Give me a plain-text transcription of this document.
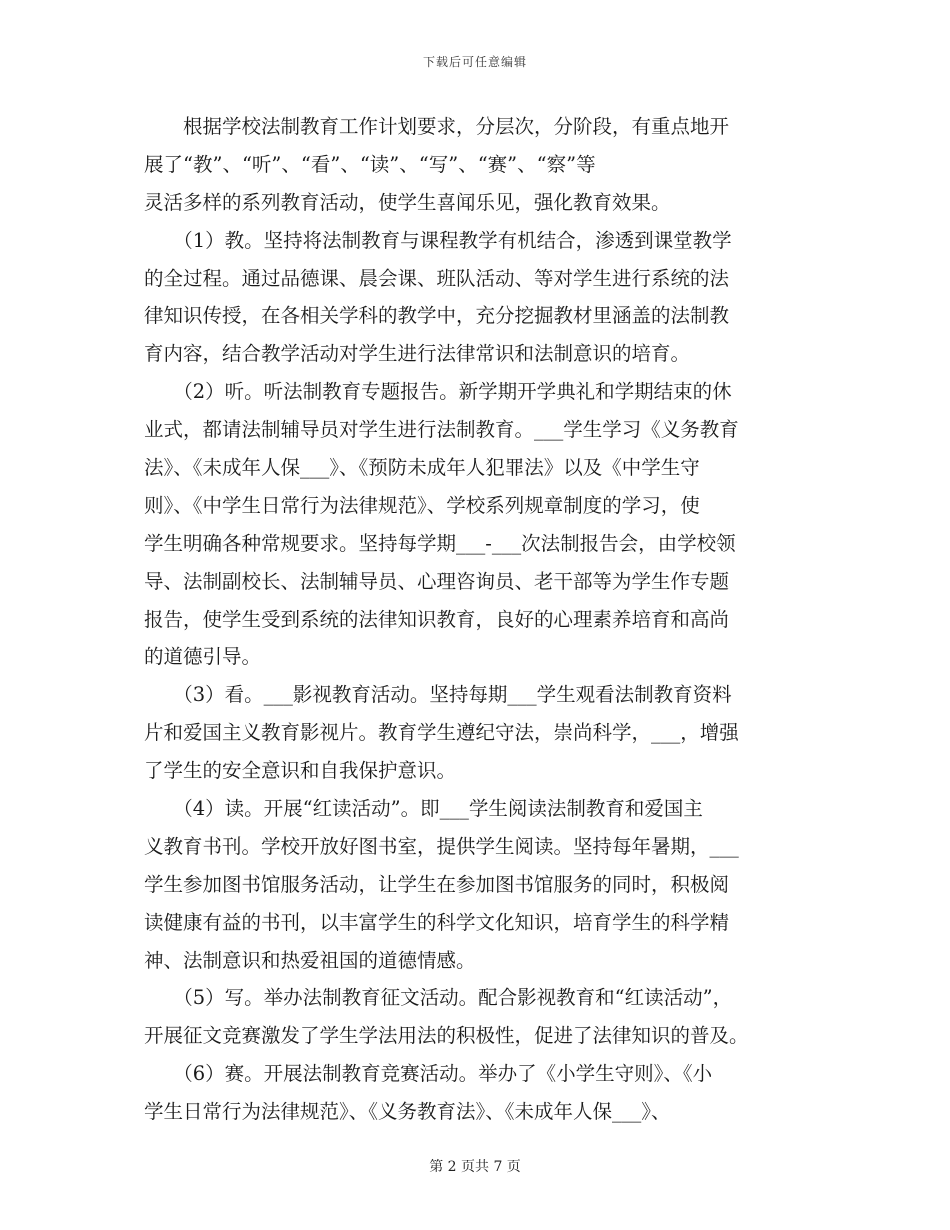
下载后可任意编辑
　　根据学校法制教育工作计划要求，分层次，分阶段，有重点地开
展了“教”、“听”、“看”、“读”、“写”、“赛”、“察”等
灵活多样的系列教育活动，使学生喜闻乐见，强化教育效果。
　　（1）教。坚持将法制教育与课程教学有机结合，渗透到课堂教学
的全过程。通过品德课、晨会课、班队活动、等对学生进行系统的法
律知识传授，在各相关学科的教学中，充分挖掘教材里涵盖的法制教
育内容，结合教学活动对学生进行法律常识和法制意识的培育。
　　（2）听。听法制教育专题报告。新学期开学典礼和学期结束的休
业式，都请法制辅导员对学生进行法制教育。___学生学习《义务教育
法》、《未成年人保___》、《预防未成年人犯罪法》以及《中学生守
则》、《中学生日常行为法律规范》、学校系列规章制度的学习，使
学生明确各种常规要求。坚持每学期___-___次法制报告会，由学校领
导、法制副校长、法制辅导员、心理咨询员、老干部等为学生作专题
报告，使学生受到系统的法律知识教育，良好的心理素养培育和高尚
的道德引导。
　　（3）看。___影视教育活动。坚持每期___学生观看法制教育资料
片和爱国主义教育影视片。教育学生遵纪守法，崇尚科学，___，增强
了学生的安全意识和自我保护意识。
　　（4）读。开展“红读活动”。即___学生阅读法制教育和爱国主
义教育书刊。学校开放好图书室，提供学生阅读。坚持每年暑期，___
学生参加图书馆服务活动，让学生在参加图书馆服务的同时，积极阅
读健康有益的书刊，以丰富学生的科学文化知识，培育学生的科学精
神、法制意识和热爱祖国的道德情感。
　　（5）写。举办法制教育征文活动。配合影视教育和“红读活动”，
开展征文竞赛激发了学生学法用法的积极性，促进了法律知识的普及。
　　（6）赛。开展法制教育竞赛活动。举办了《小学生守则》、《小
学生日常行为法律规范》、《义务教育法》、《未成年人保___》、
第 2 页共 7 页
